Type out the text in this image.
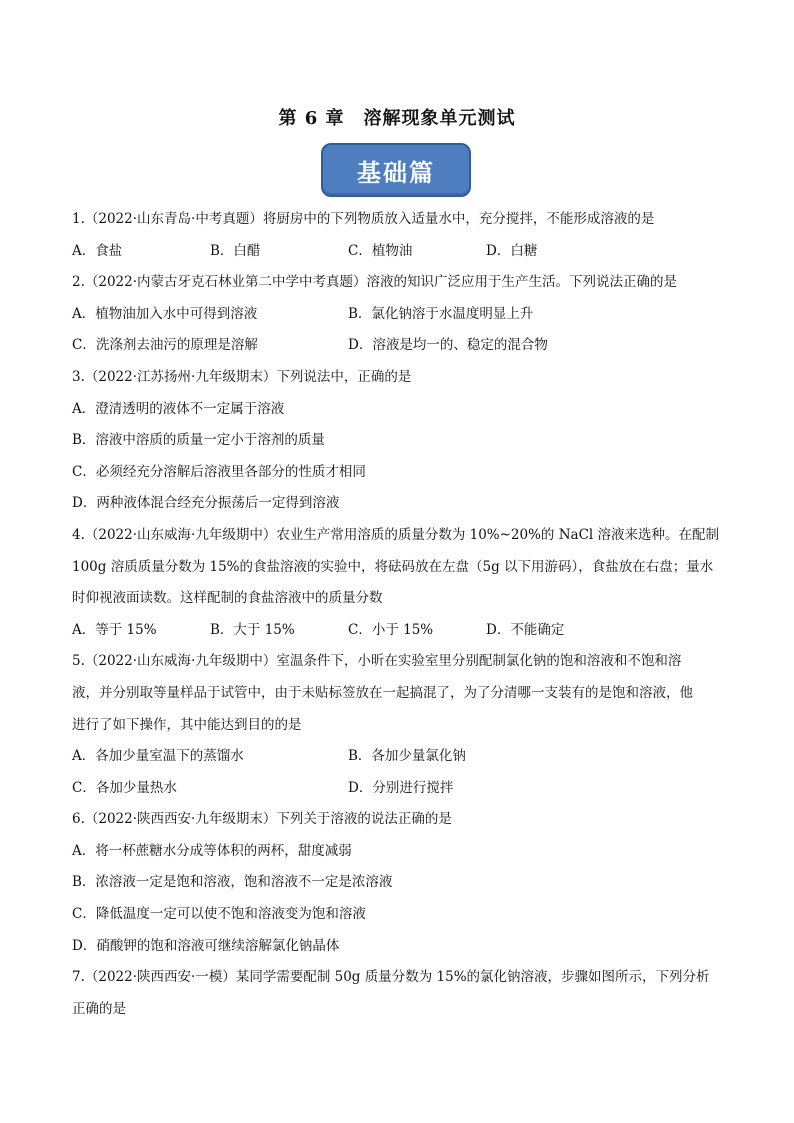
第 6 章　溶解现象单元测试
基础篇
1.（2022·山东青岛·中考真题）将厨房中的下列物质放入适量水中，充分搅拌，不能形成溶液的是
A．食盐	B．白醋	C．植物油	D．白糖
2.（2022·内蒙古牙克石林业第二中学中考真题）溶液的知识广泛应用于生产生活。下列说法正确的是
A．植物油加入水中可得到溶液	B．氯化钠溶于水温度明显上升
C．洗涤剂去油污的原理是溶解	D．溶液是均一的、稳定的混合物
3.（2022·江苏扬州·九年级期末）下列说法中，正确的是
A．澄清透明的液体不一定属于溶液
B．溶液中溶质的质量一定小于溶剂的质量
C．必须经充分溶解后溶液里各部分的性质才相同
D．两种液体混合经充分振荡后一定得到溶液
4.（2022·山东威海·九年级期中）农业生产常用溶质的质量分数为 10%~20%的 NaCl 溶液来选种。在配制
100g 溶质质量分数为 15%的食盐溶液的实验中，将砝码放在左盘（5g 以下用游码），食盐放在右盘；量水
时仰视液面读数。这样配制的食盐溶液中的质量分数
A．等于 15%	B．大于 15%	C．小于 15%	D．不能确定
5.（2022·山东威海·九年级期中）室温条件下，小昕在实验室里分别配制氯化钠的饱和溶液和不饱和溶
液，并分别取等量样品于试管中，由于未贴标签放在一起搞混了，为了分清哪一支装有的是饱和溶液，他
进行了如下操作，其中能达到目的的是
A．各加少量室温下的蒸馏水	B．各加少量氯化钠
C．各加少量热水	D．分别进行搅拌
6.（2022·陕西西安·九年级期末）下列关于溶液的说法正确的是
A．将一杯蔗糖水分成等体积的两杯，甜度减弱
B．浓溶液一定是饱和溶液，饱和溶液不一定是浓溶液
C．降低温度一定可以使不饱和溶液变为饱和溶液
D．硝酸钾的饱和溶液可继续溶解氯化钠晶体
7.（2022·陕西西安·一模）某同学需要配制 50g 质量分数为 15%的氯化钠溶液，步骤如图所示，下列分析
正确的是
